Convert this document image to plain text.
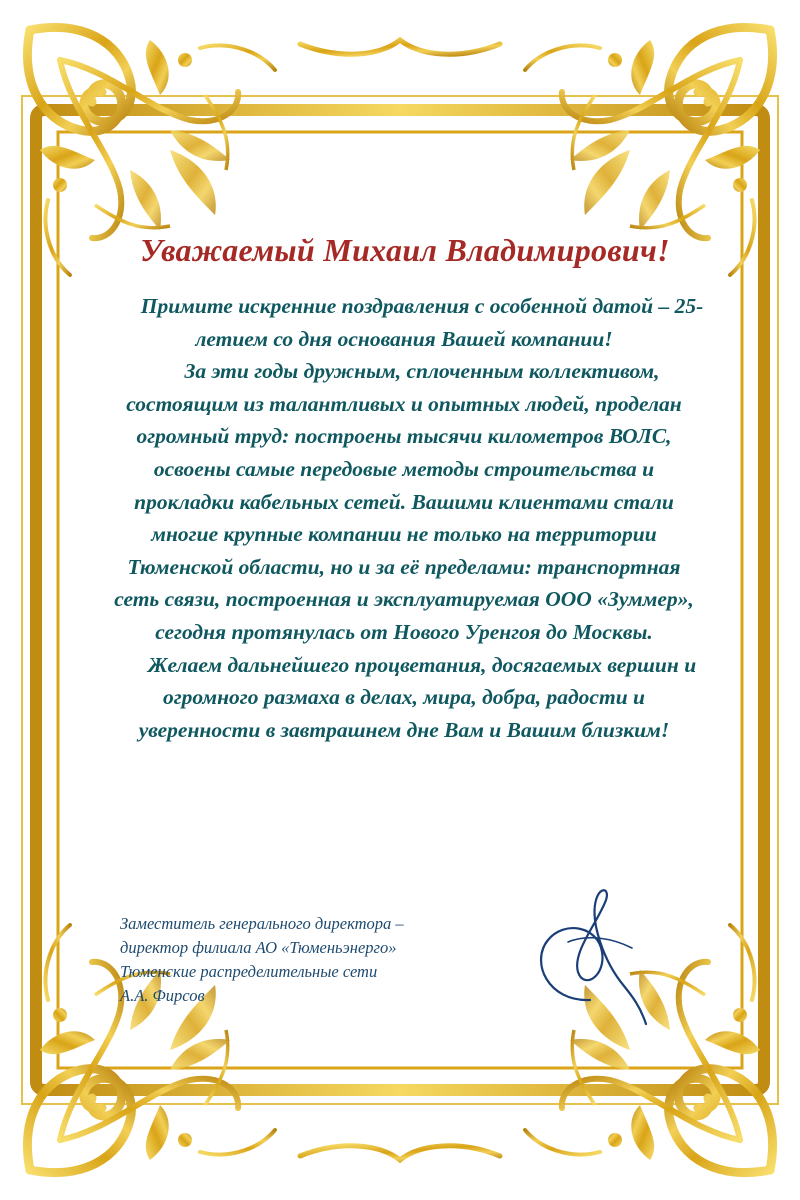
Уважаемый Михаил Владимирович!

Примите искренние поздравления с особенной датой – 25-летием со дня основания Вашей компании!

За эти годы дружным, сплоченным коллективом, состоящим из талантливых и опытных людей, проделан огромный труд: построены тысячи километров ВОЛС, освоены самые передовые методы строительства и прокладки кабельных сетей. Вашими клиентами стали многие крупные компании не только на территории Тюменской области, но и за её пределами: транспортная сеть связи, построенная и эксплуатируемая ООО «Зуммер», сегодня протянулась от Нового Уренгоя до Москвы.

Желаем дальнейшего процветания, досягаемых вершин и огромного размаха в делах, мира, добра, радости и уверенности в завтрашнем дне Вам и Вашим близким!

Заместитель генерального директора –
директор филиала АО «Тюменьэнерго»
Тюменские распределительные сети
А.А. Фирсов
